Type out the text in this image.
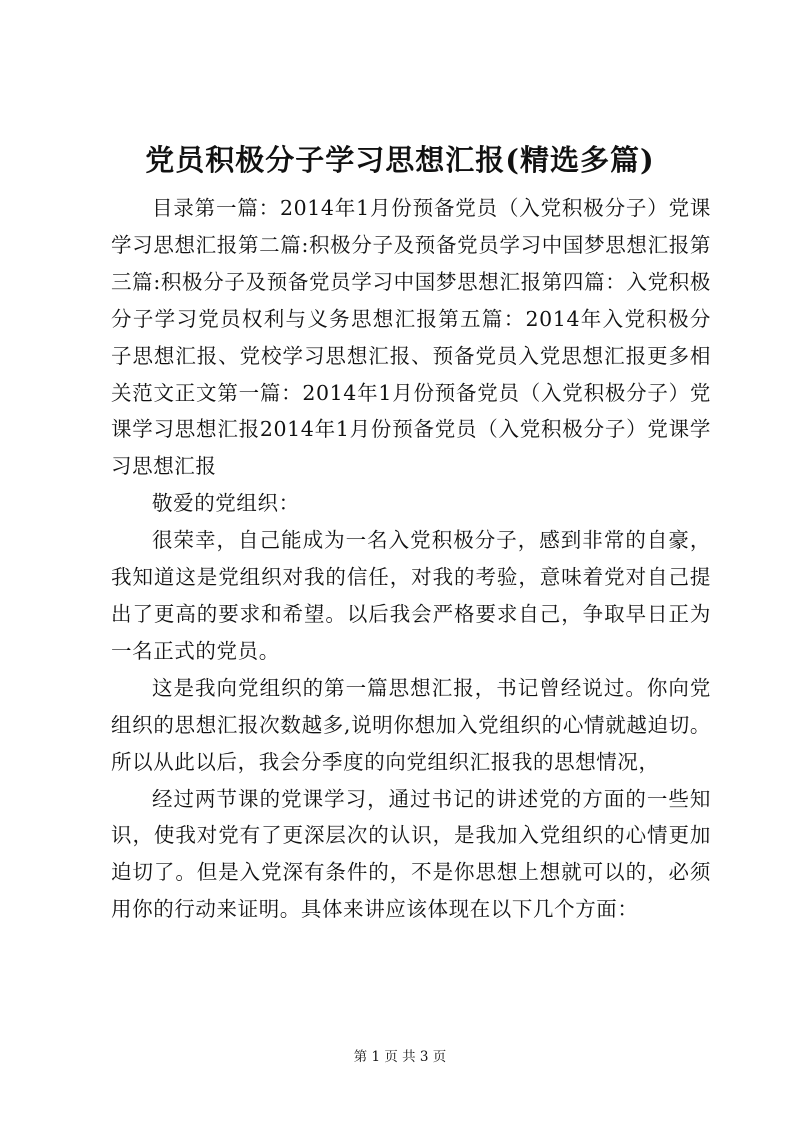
党员积极分子学习思想汇报(精选多篇)

目录第一篇：2014年1月份预备党员（入党积极分子）党课学习思想汇报第二篇:积极分子及预备党员学习中国梦思想汇报第三篇:积极分子及预备党员学习中国梦思想汇报第四篇：入党积极分子学习党员权利与义务思想汇报第五篇：2014年入党积极分子思想汇报、党校学习思想汇报、预备党员入党思想汇报更多相关范文正文第一篇：2014年1月份预备党员（入党积极分子）党课学习思想汇报2014年1月份预备党员（入党积极分子）党课学习思想汇报

敬爱的党组织：

很荣幸，自己能成为一名入党积极分子，感到非常的自豪，我知道这是党组织对我的信任，对我的考验，意味着党对自己提出了更高的要求和希望。以后我会严格要求自己，争取早日正为一名正式的党员。

这是我向党组织的第一篇思想汇报，书记曾经说过。你向党组织的思想汇报次数越多,说明你想加入党组织的心情就越迫切。所以从此以后，我会分季度的向党组织汇报我的思想情况，

经过两节课的党课学习，通过书记的讲述党的方面的一些知识，使我对党有了更深层次的认识，是我加入党组织的心情更加迫切了。但是入党深有条件的，不是你思想上想就可以的，必须用你的行动来证明。具体来讲应该体现在以下几个方面：

第 1 页 共 3 页
